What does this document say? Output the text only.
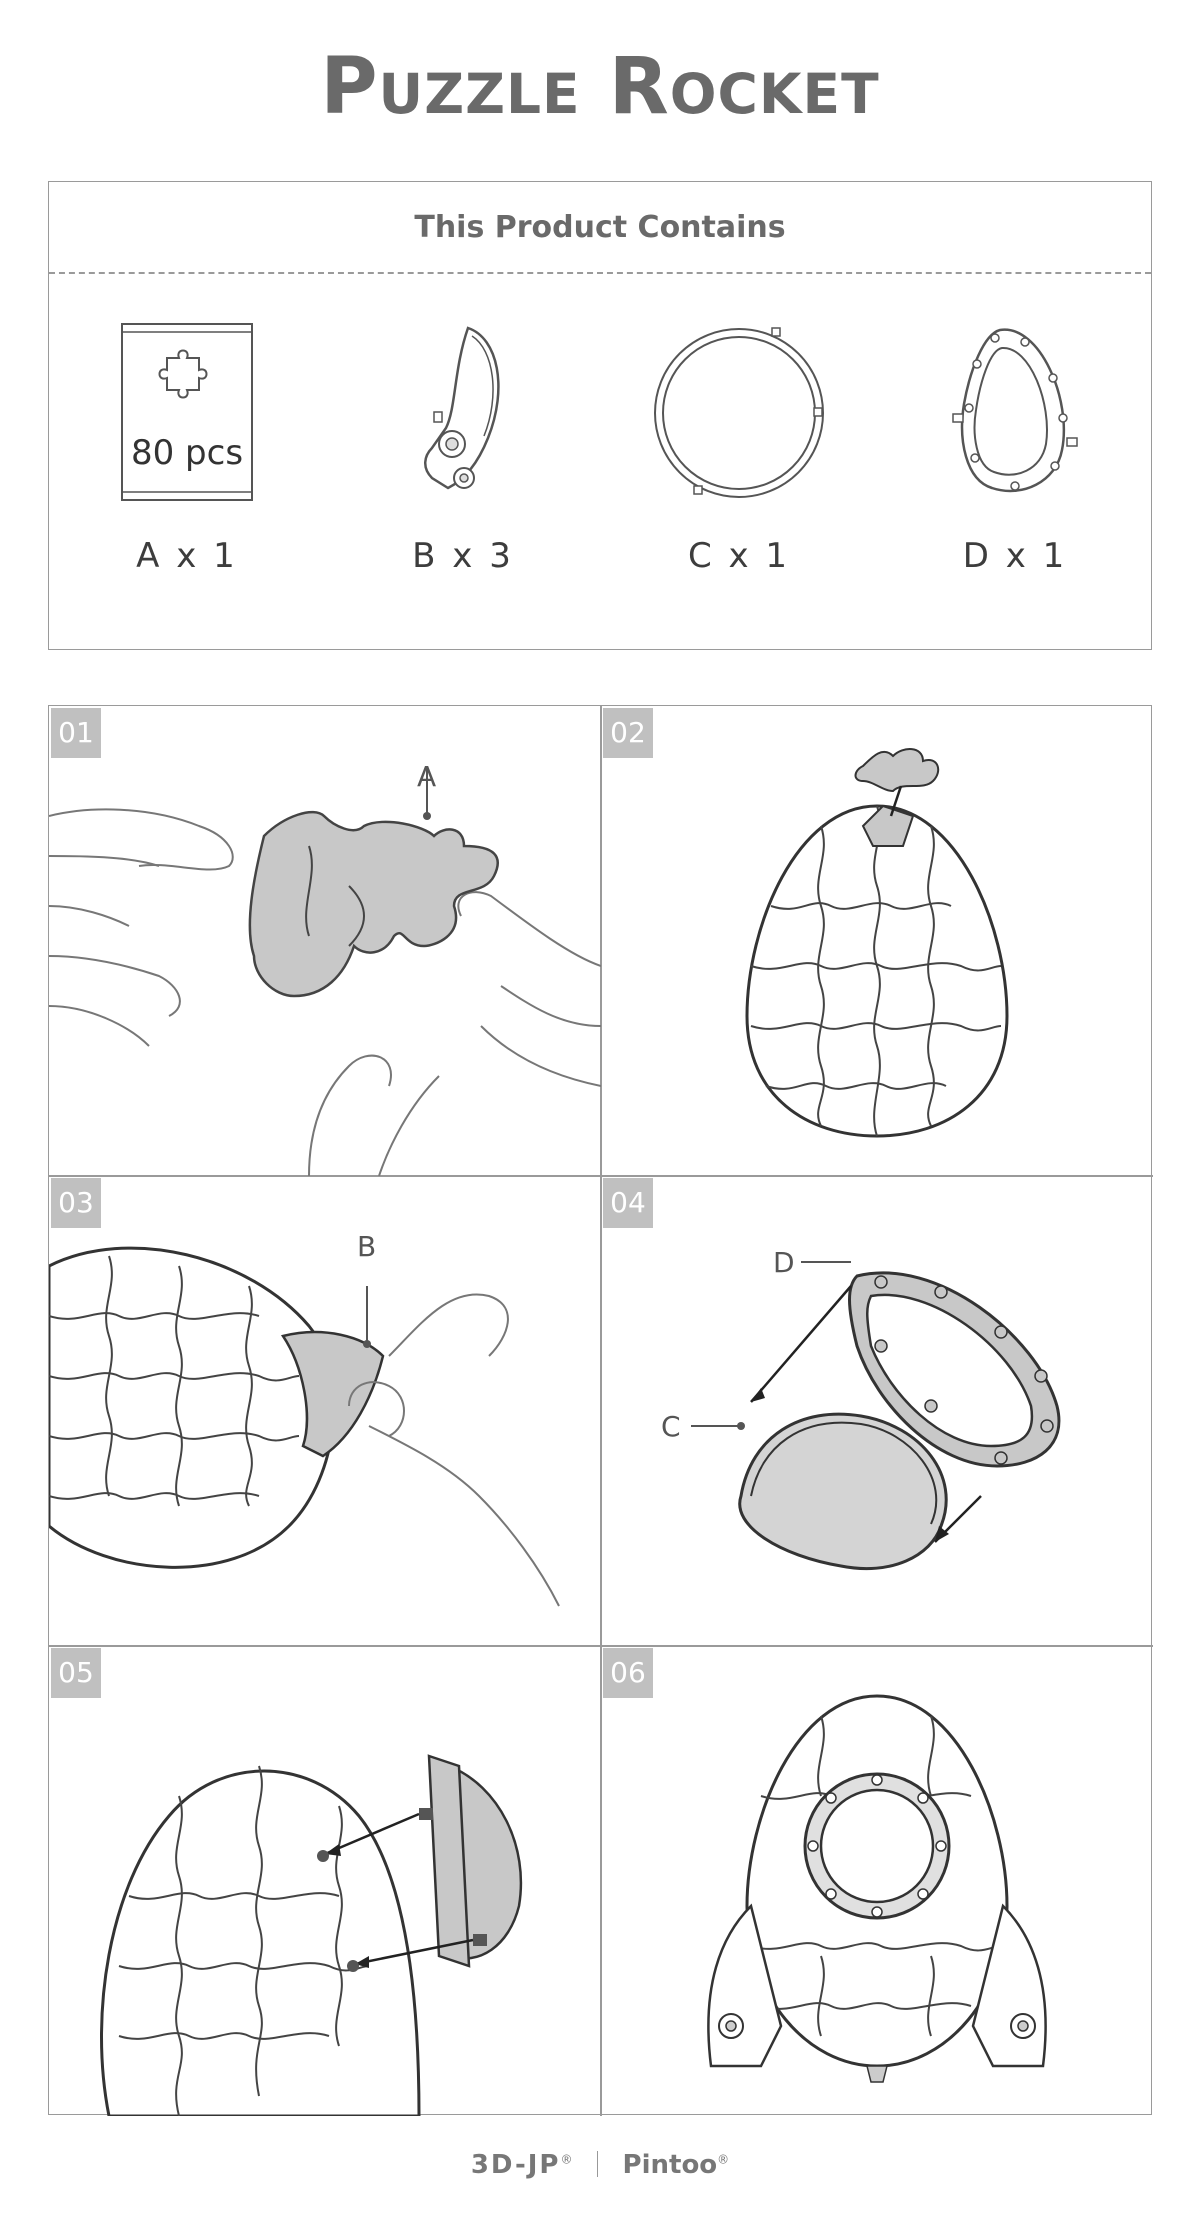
Puzzle Rocket
This Product Contains
80 pcs
A x 1	B x 3	C x 1	D x 1
01
A
02
03
B
04
D
C
05	06
3D-JP® Pintoo®
